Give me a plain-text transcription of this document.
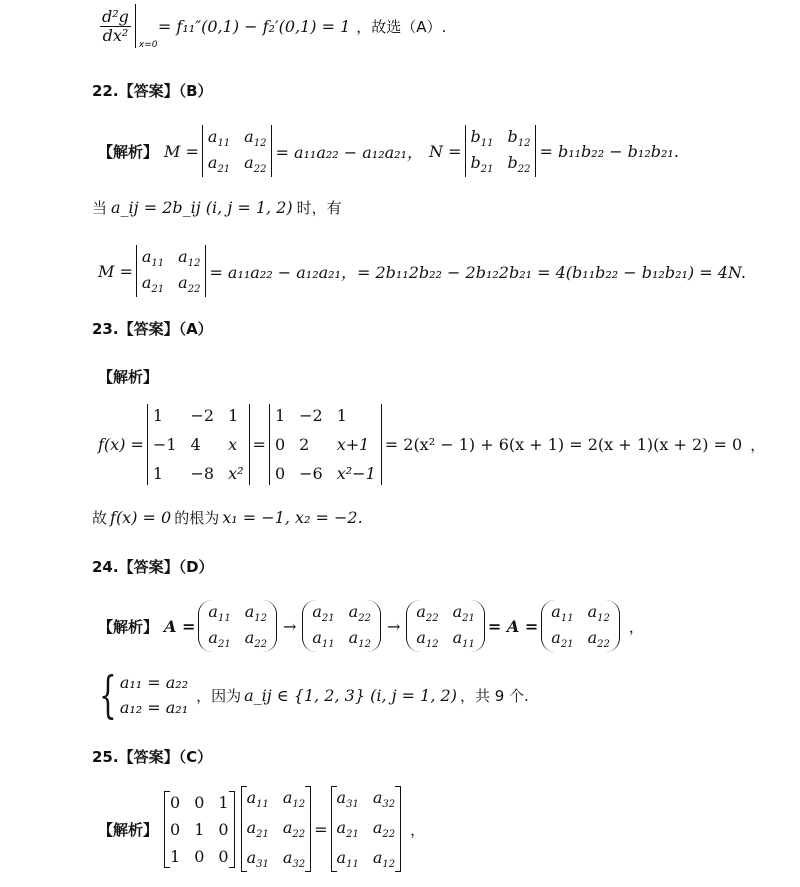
$\frac{\text{d²g}}{\text{dx²}}$
x=0
= f₁₁″(0,1) − f₂′(0,1) = 1 ，故选（A）.
22.【答案】（B）
【解析】 M =
$a_{11}$ $a_{12}$
$a_{21}$ $a_{22}$
= a₁₁a₂₂ − a₁₂a₂₁， N =
$b_{11}$ $b_{12}$
$b_{21}$ $b_{22}$
= b₁₁b₂₂ − b₁₂b₂₁.
当 a_ij = 2b_ij (i, j = 1, 2) 时，有
M =
$a_{11}$ $a_{12}$
$a_{21}$ $a_{22}$
= a₁₁a₂₂ − a₁₂a₂₁，= 2b₁₁2b₂₂ − 2b₁₂2b₂₁ = 4(b₁₁b₂₂ − b₁₂b₂₁) = 4N.
23.【答案】（A）
【解析】
f(x) =
1	−2 1
−1 4	x
1	−8 x²
=
1 −2 1
0 2	x+1
0 −6 x²−1
= 2(x² − 1) + 6(x + 1) = 2(x + 1)(x + 2) = 0 ，
故 f(x) = 0 的根为 x₁ = −1, x₂ = −2.
24.【答案】（D）
【解析】 A =
$a_{11}$ $a_{12}$
$a_{21}$ $a_{22}$
→
$a_{21}$ $a_{22}$
$a_{11}$ $a_{12}$
→
$a_{22}$ $a_{21}$
$a_{12}$ $a_{11}$
= A =
$a_{11}$ $a_{12}$
$a_{21}$ $a_{22}$
，
{ a₁₁ = a₂₂
a₁₂ = a₂₁
，因为 a_ij ∈ {1, 2, 3} (i, j = 1, 2) ，共 9 个.
25.【答案】（C）
【解析】
0 0 1
0 1 0
1 0 0
$a_{11}$ $a_{12}$
$a_{21}$ $a_{22}$
$a_{31}$ $a_{32}$
=
$a_{31}$ $a_{32}$
$a_{21}$ $a_{22}$
$a_{11}$ $a_{12}$
，
